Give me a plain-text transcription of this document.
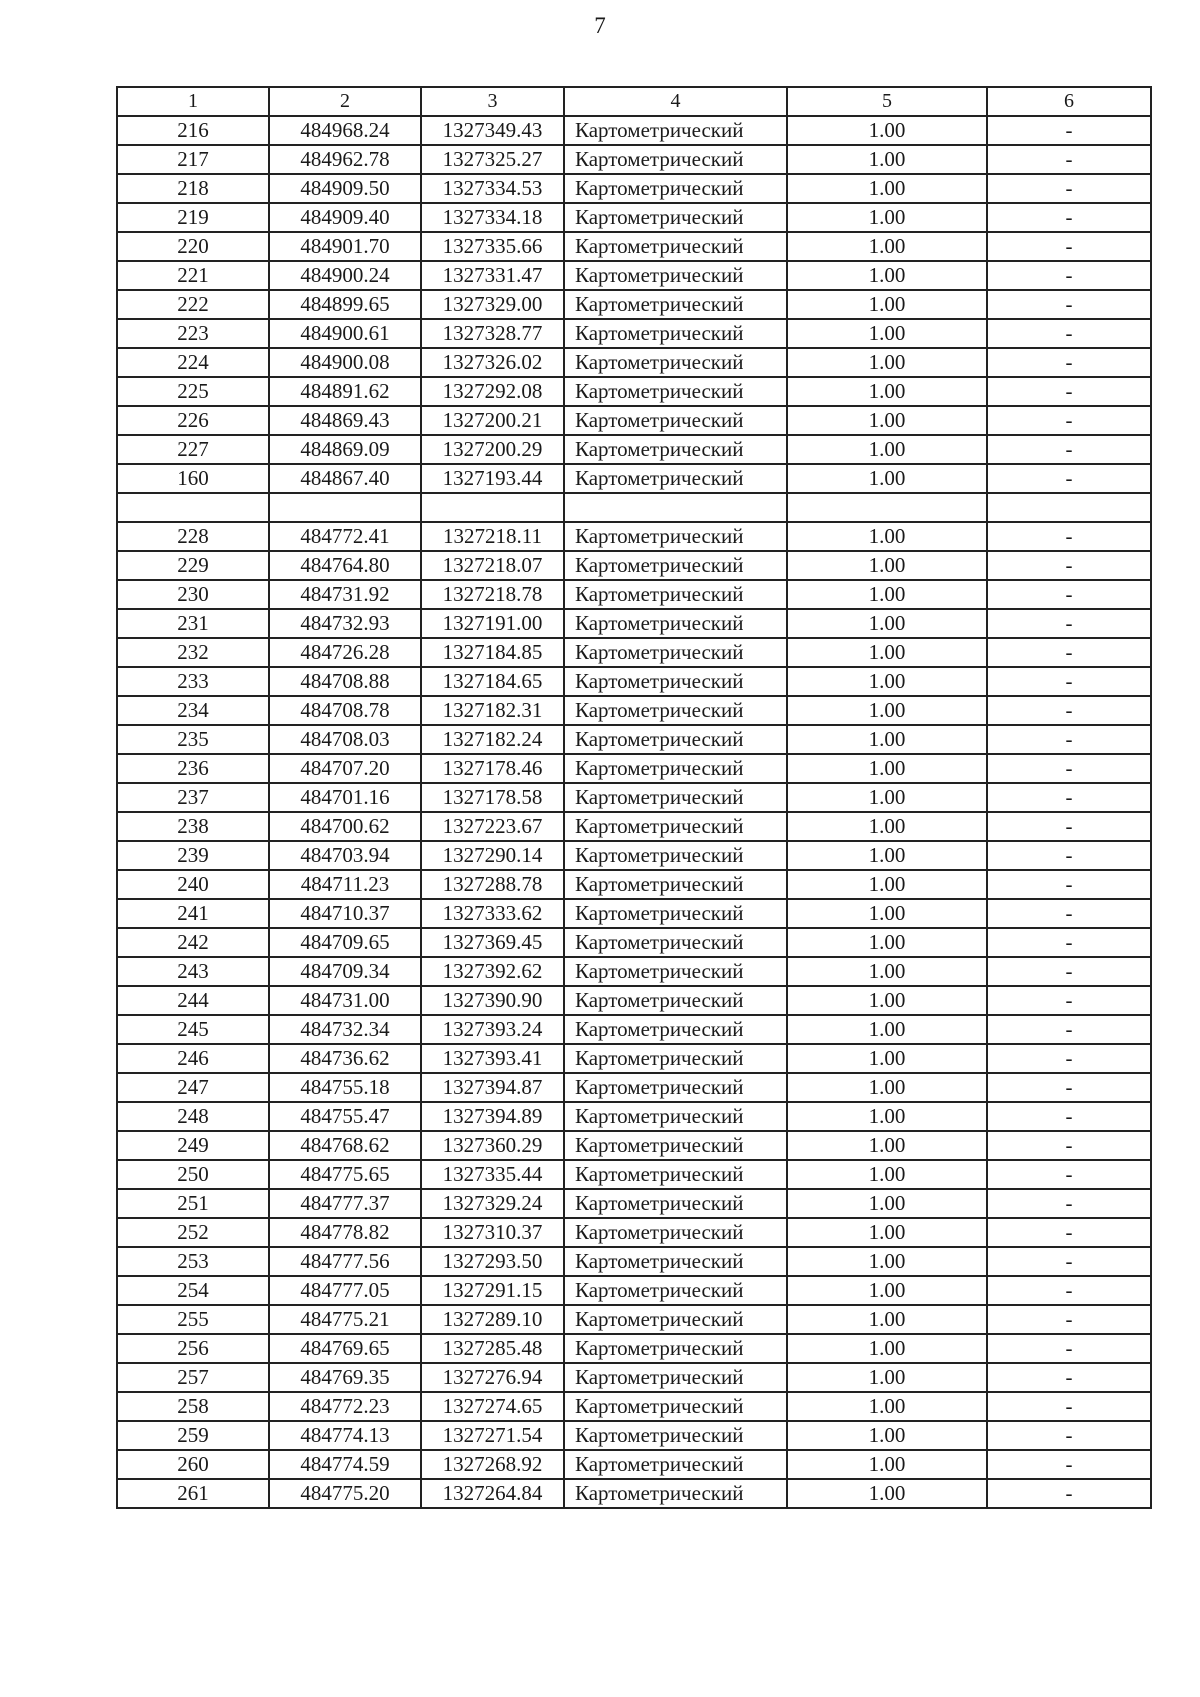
7
1	2	3	4	5	6
216	484968.24	1327349.43	Картометрический	1.00	-
217	484962.78	1327325.27	Картометрический	1.00	-
218	484909.50	1327334.53	Картометрический	1.00	-
219	484909.40	1327334.18	Картометрический	1.00	-
220	484901.70	1327335.66	Картометрический	1.00	-
221	484900.24	1327331.47	Картометрический	1.00	-
222	484899.65	1327329.00	Картометрический	1.00	-
223	484900.61	1327328.77	Картометрический	1.00	-
224	484900.08	1327326.02	Картометрический	1.00	-
225	484891.62	1327292.08	Картометрический	1.00	-
226	484869.43	1327200.21	Картометрический	1.00	-
227	484869.09	1327200.29	Картометрический	1.00	-
160	484867.40	1327193.44	Картометрический	1.00	-

228	484772.41	1327218.11	Картометрический	1.00	-
229	484764.80	1327218.07	Картометрический	1.00	-
230	484731.92	1327218.78	Картометрический	1.00	-
231	484732.93	1327191.00	Картометрический	1.00	-
232	484726.28	1327184.85	Картометрический	1.00	-
233	484708.88	1327184.65	Картометрический	1.00	-
234	484708.78	1327182.31	Картометрический	1.00	-
235	484708.03	1327182.24	Картометрический	1.00	-
236	484707.20	1327178.46	Картометрический	1.00	-
237	484701.16	1327178.58	Картометрический	1.00	-
238	484700.62	1327223.67	Картометрический	1.00	-
239	484703.94	1327290.14	Картометрический	1.00	-
240	484711.23	1327288.78	Картометрический	1.00	-
241	484710.37	1327333.62	Картометрический	1.00	-
242	484709.65	1327369.45	Картометрический	1.00	-
243	484709.34	1327392.62	Картометрический	1.00	-
244	484731.00	1327390.90	Картометрический	1.00	-
245	484732.34	1327393.24	Картометрический	1.00	-
246	484736.62	1327393.41	Картометрический	1.00	-
247	484755.18	1327394.87	Картометрический	1.00	-
248	484755.47	1327394.89	Картометрический	1.00	-
249	484768.62	1327360.29	Картометрический	1.00	-
250	484775.65	1327335.44	Картометрический	1.00	-
251	484777.37	1327329.24	Картометрический	1.00	-
252	484778.82	1327310.37	Картометрический	1.00	-
253	484777.56	1327293.50	Картометрический	1.00	-
254	484777.05	1327291.15	Картометрический	1.00	-
255	484775.21	1327289.10	Картометрический	1.00	-
256	484769.65	1327285.48	Картометрический	1.00	-
257	484769.35	1327276.94	Картометрический	1.00	-
258	484772.23	1327274.65	Картометрический	1.00	-
259	484774.13	1327271.54	Картометрический	1.00	-
260	484774.59	1327268.92	Картометрический	1.00	-
261	484775.20	1327264.84	Картометрический	1.00	-
